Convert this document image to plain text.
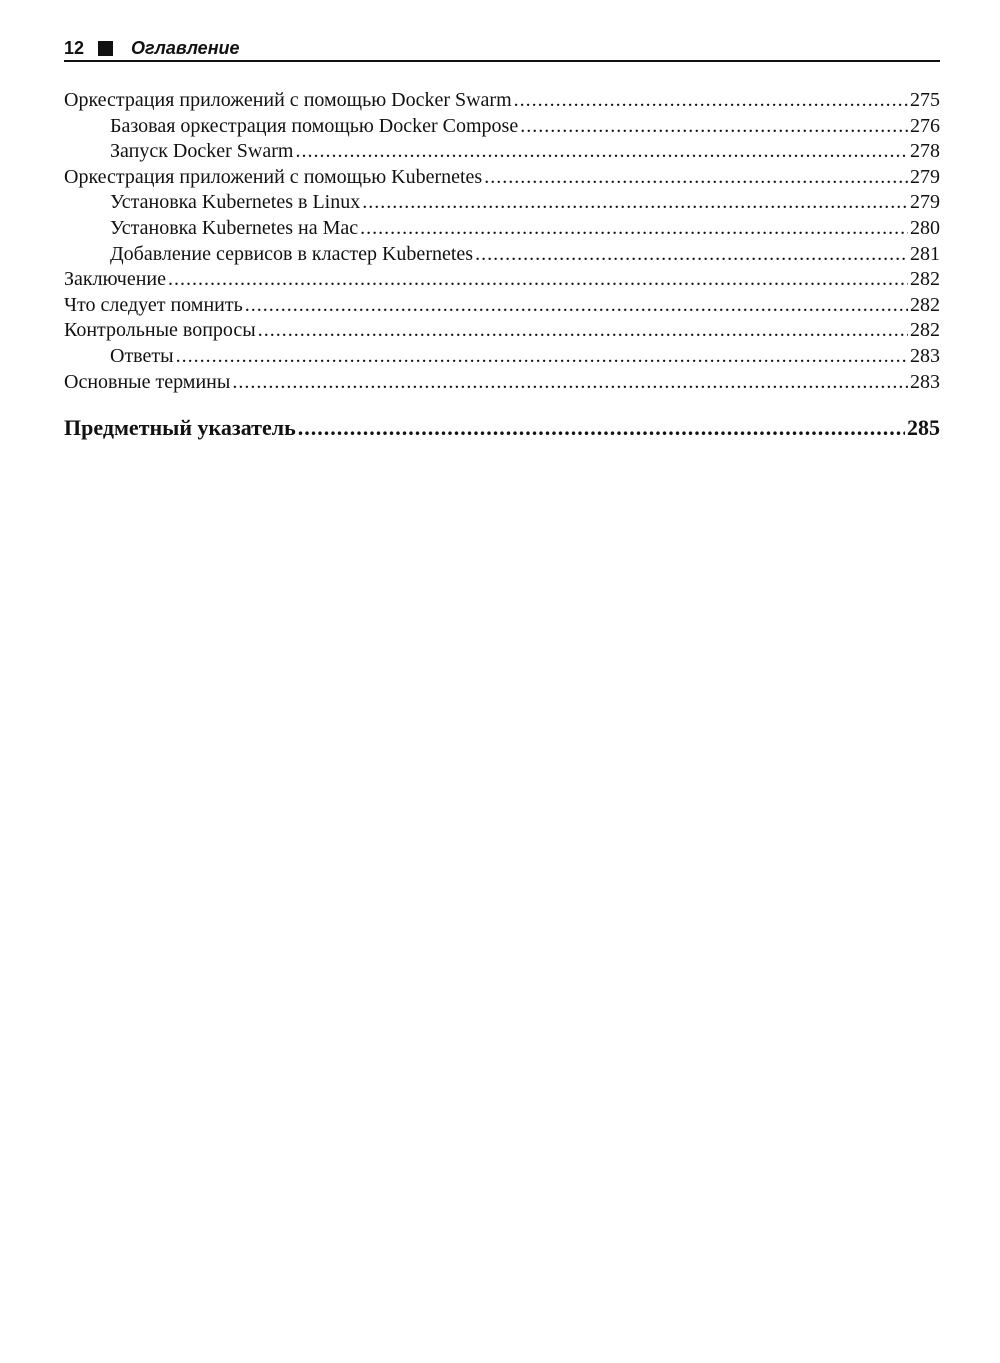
12	Оглавление
Оркестрация приложений с помощью Docker Swarm .....	275
Базовая оркестрация помощью Docker Compose .....	276
Запуск Docker Swarm .....	278
Оркестрация приложений с помощью Kubernetes .....	279
Установка Kubernetes в Linux .....	279
Установка Kubernetes на Mac .....	280
Добавление сервисов в кластер Kubernetes .....	281
Заключение .....	282
Что следует помнить .....	282
Контрольные вопросы .....	282
Ответы .....	283
Основные термины .....	283
Предметный указатель .....	285
